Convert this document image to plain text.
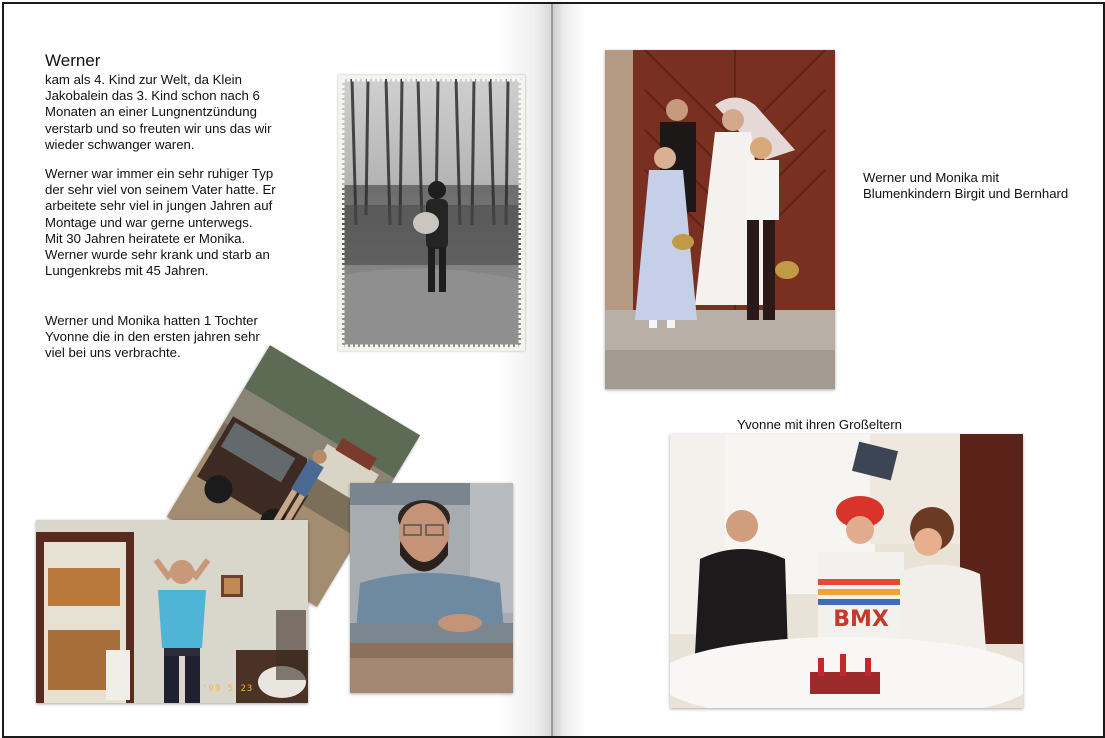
Werner
kam als 4. Kind zur Welt, da Klein
Jakobalein das 3. Kind schon nach 6
Monaten an einer Lungnentzündung
verstarb und so freuten wir uns das wir
wieder schwanger waren.
Werner war immer ein sehr ruhiger Typ
der sehr viel von seinem Vater hatte. Er
arbeitete sehr viel in jungen Jahren auf
Montage und war gerne unterwegs.
Mit 30 Jahren heiratete er Monika.
Werner wurde sehr krank und starb an
Lungenkrebs mit 45 Jahren.
Werner und Monika hatten 1 Tochter
Yvonne die in den ersten jahren sehr
viel bei uns verbrachte.
'99 5 23
Werner und Monika mit
Blumenkindern Birgit und Bernhard
Yvonne mit ihren Großeltern
BMX
